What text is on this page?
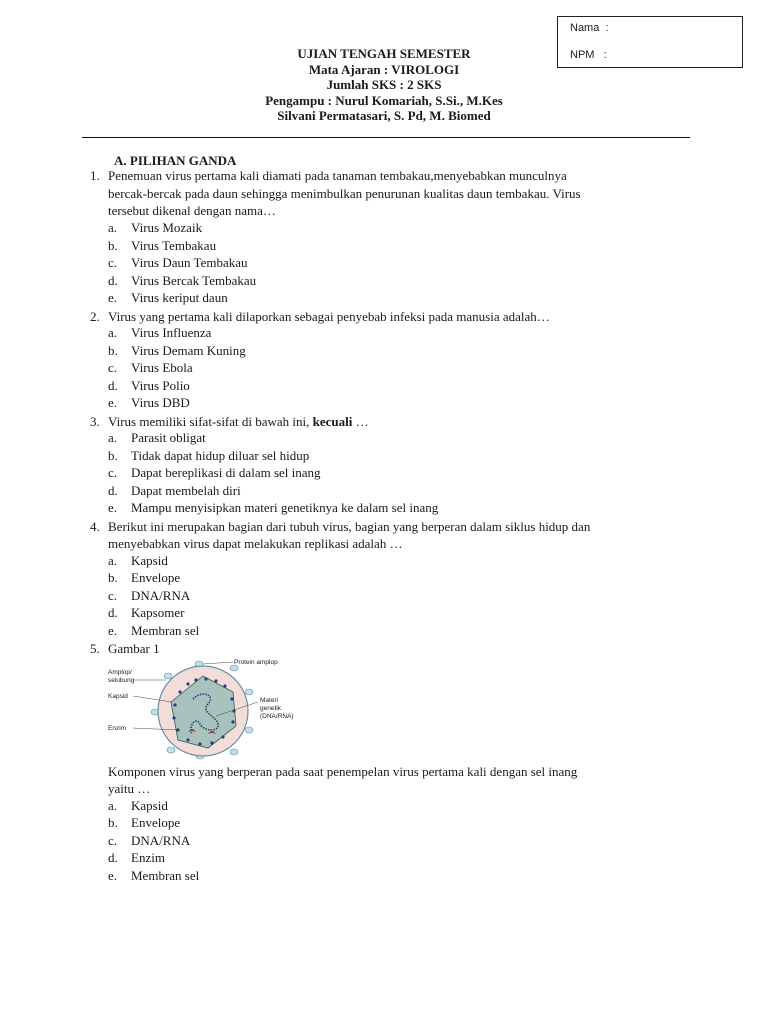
Nama  :
NPM   :
UJIAN TENGAH SEMESTER
Mata Ajaran : VIROLOGI
Jumlah SKS : 2 SKS
Pengampu : Nurul Komariah, S.Si., M.Kes
Silvani Permatasari, S. Pd, M. Biomed
A. PILIHAN GANDA
1. Penemuan virus pertama kali diamati pada tanaman tembakau,menyebabkan munculnya
bercak-bercak pada daun sehingga menimbulkan penurunan kualitas daun tembakau. Virus
tersebut dikenal dengan nama…
a. Virus Mozaik
b. Virus Tembakau
c. Virus Daun Tembakau
d. Virus Bercak Tembakau
e. Virus keriput daun
2. Virus yang pertama kali dilaporkan sebagai penyebab infeksi pada manusia adalah…
a. Virus Influenza
b. Virus Demam Kuning
c. Virus Ebola
d. Virus Polio
e. Virus DBD
3. Virus memiliki sifat-sifat di bawah ini, kecuali …
a. Parasit obligat
b. Tidak dapat hidup diluar sel hidup
c. Dapat bereplikasi di dalam sel inang
d. Dapat membelah diri
e. Mampu menyisipkan materi genetiknya ke dalam sel inang
4. Berikut ini merupakan bagian dari tubuh virus, bagian yang berperan dalam siklus hidup dan
menyebabkan virus dapat melakukan replikasi adalah …
a. Kapsid
b. Envelope
c. DNA/RNA
d. Kapsomer
e. Membran sel
5. Gambar 1
Protein amplop
Amplop/
selubung
Kapsid
Enzim
Materi
genetik
(DNA/RNA)
Komponen virus yang berperan pada saat penempelan virus pertama kali dengan sel inang
yaitu …
a. Kapsid
b. Envelope
c. DNA/RNA
d. Enzim
e. Membran sel
